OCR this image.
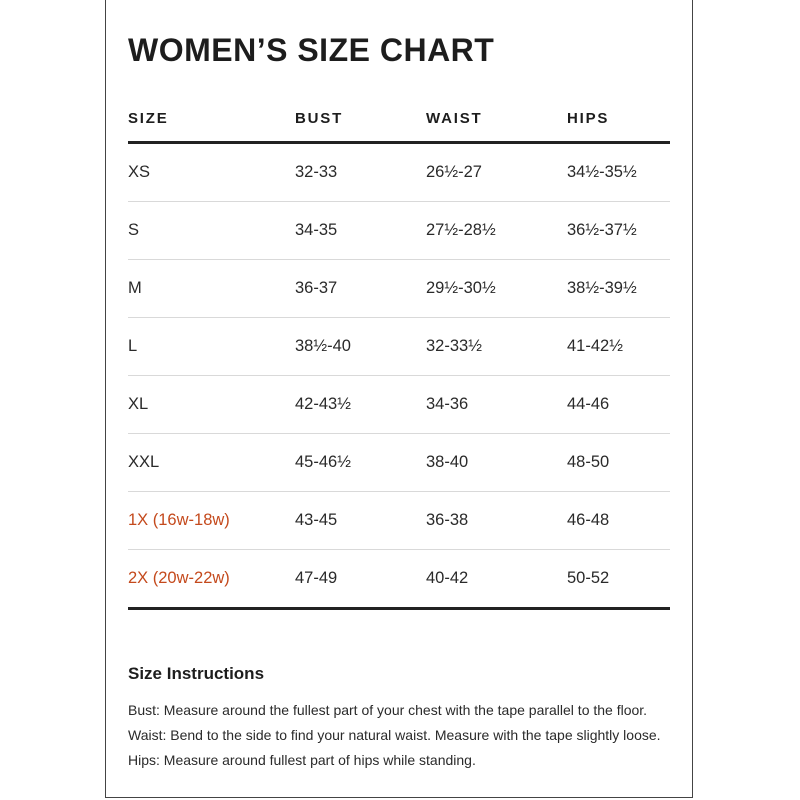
WOMEN’S SIZE CHART
SIZE	BUST	WAIST	HIPS
XS	32-33	26½-27	34½-35½
S	34-35	27½-28½	36½-37½
M	36-37	29½-30½	38½-39½
L	38½-40	32-33½	41-42½
XL	42-43½	34-36	44-46
XXL	45-46½	38-40	48-50
1X (16w-18w)	43-45	36-38	46-48
2X (20w-22w)	47-49	40-42	50-52
Size Instructions

Bust: Measure around the fullest part of your chest with the tape parallel to the floor.

Waist: Bend to the side to find your natural waist. Measure with the tape slightly loose.

Hips: Measure around fullest part of hips while standing.
